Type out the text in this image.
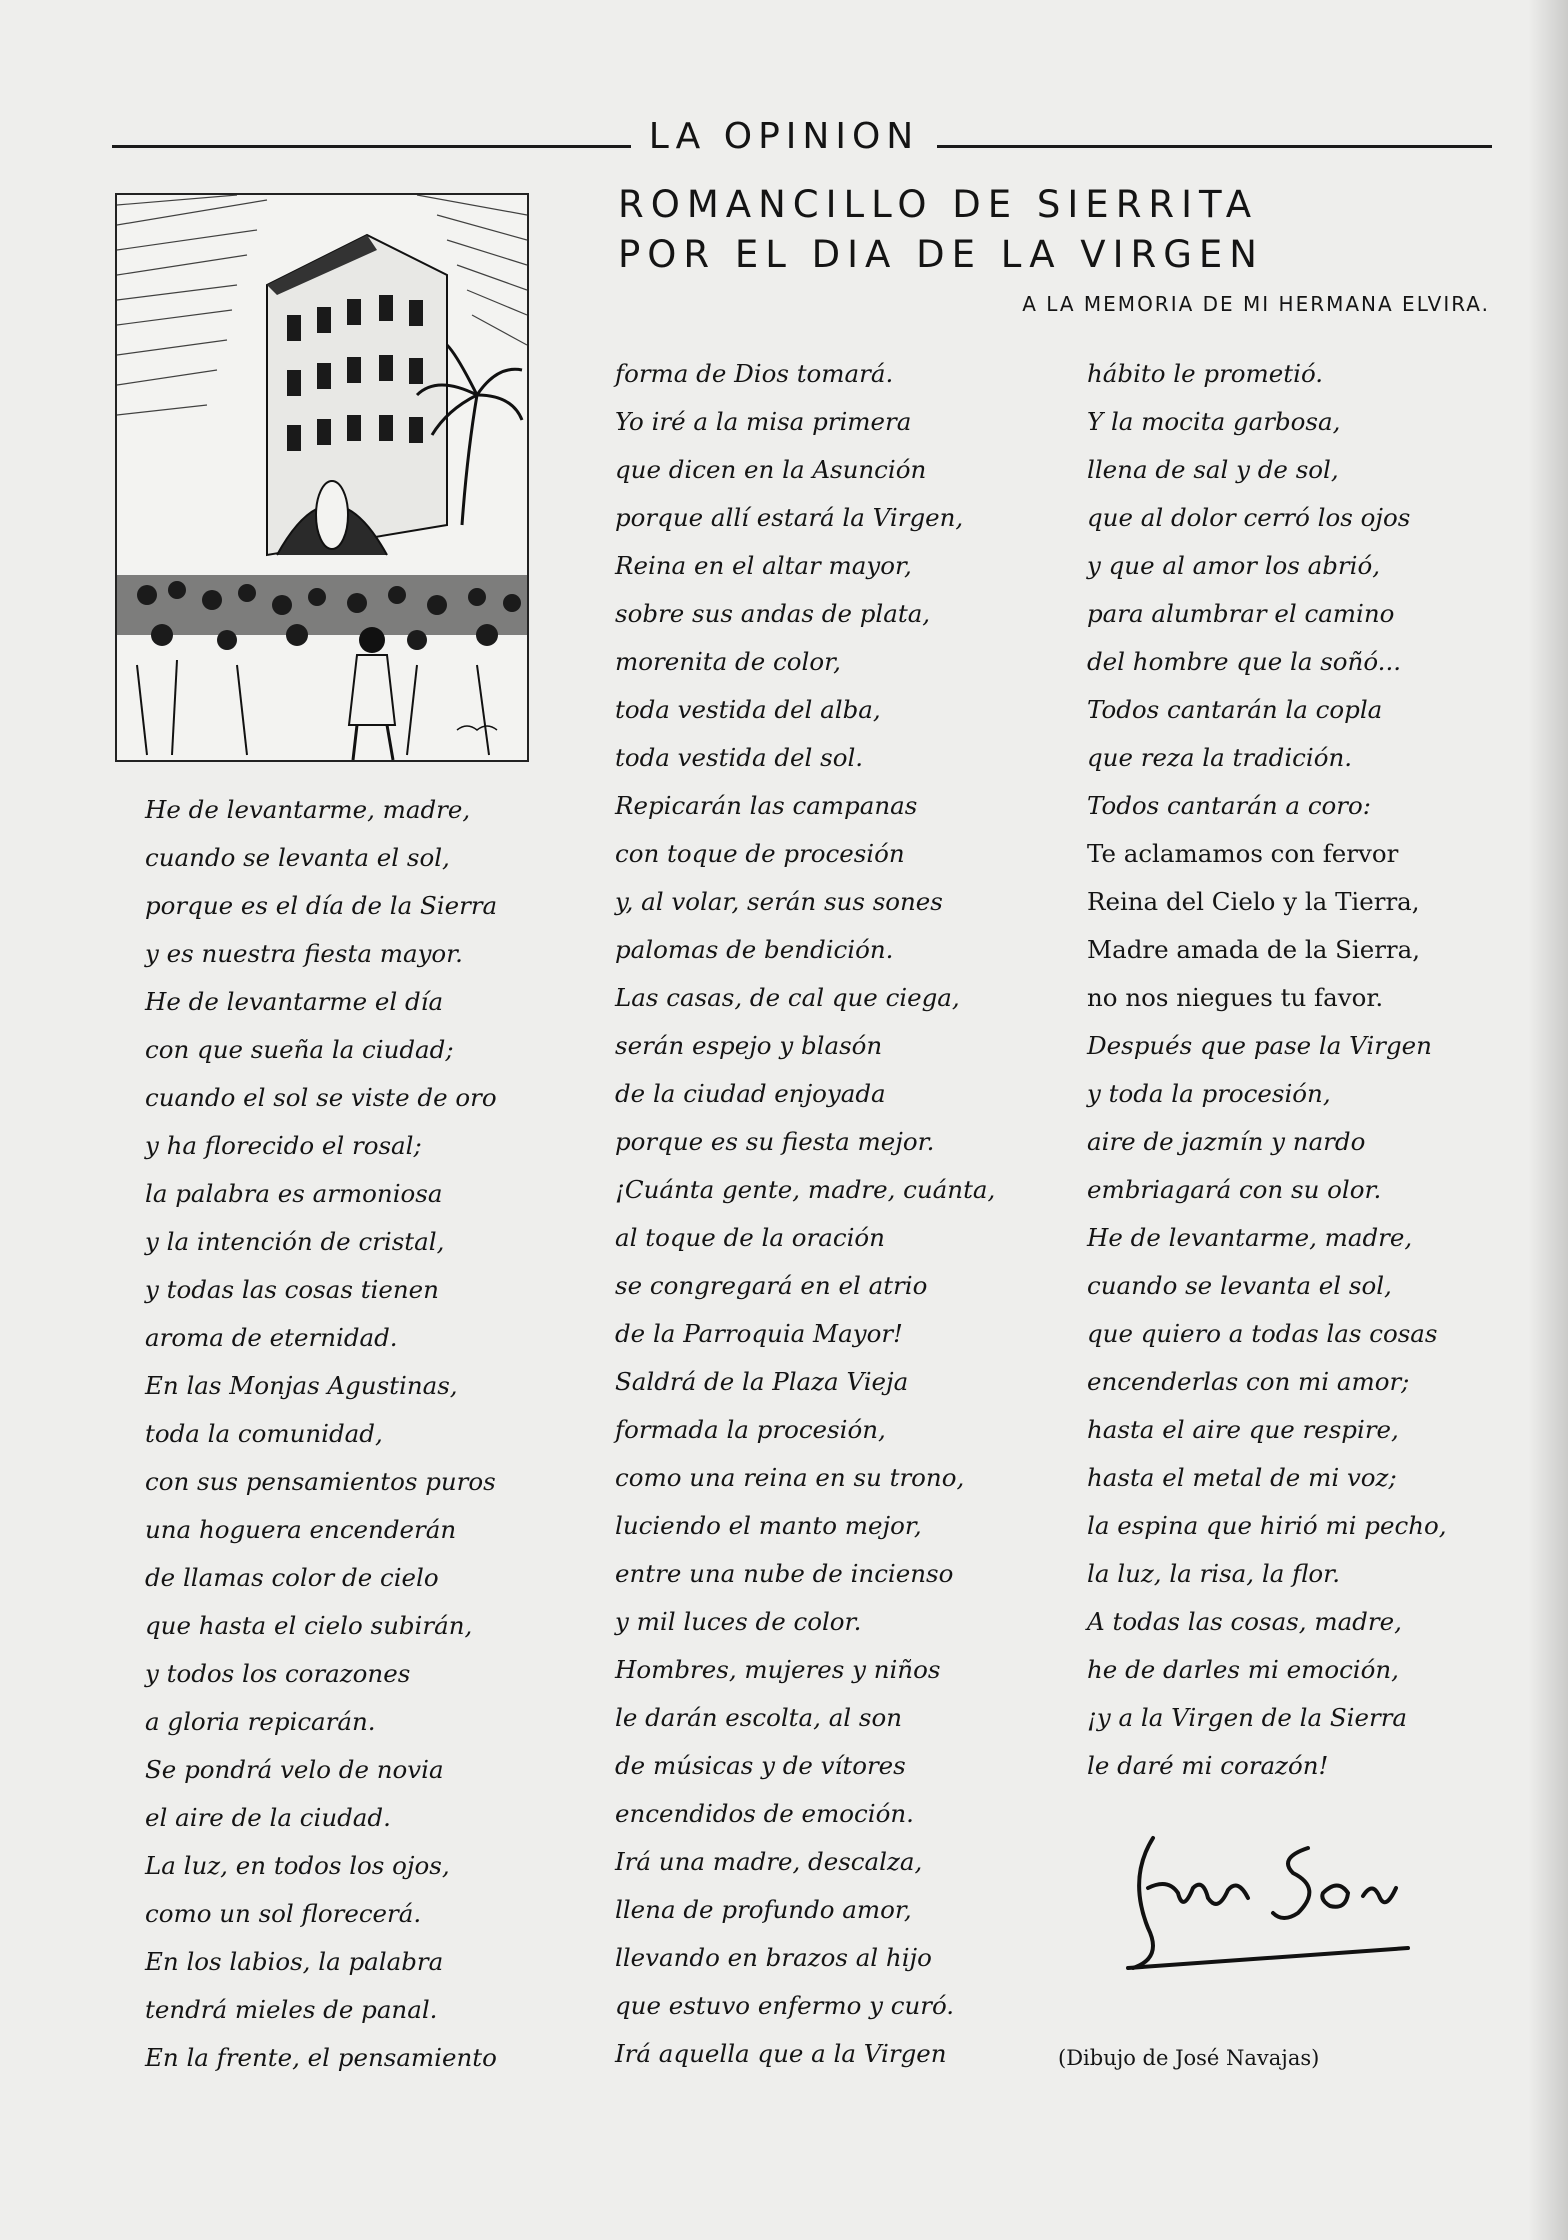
LA OPINION
ROMANCILLO DE SIERRITA
POR EL DIA DE LA VIRGEN
A LA MEMORIA DE MI HERMANA ELVIRA.
He de levantarme, madre,
cuando se levanta el sol,
porque es el día de la Sierra
y es nuestra fiesta mayor.
He de levantarme el día
con que sueña la ciudad;
cuando el sol se viste de oro
y ha florecido el rosal;
la palabra es armoniosa
y la intención de cristal,
y todas las cosas tienen
aroma de eternidad.
En las Monjas Agustinas,
toda la comunidad,
con sus pensamientos puros
una hoguera encenderán
de llamas color de cielo
que hasta el cielo subirán,
y todos los corazones
a gloria repicarán.
Se pondrá velo de novia
el aire de la ciudad.
La luz, en todos los ojos,
como un sol florecerá.
En los labios, la palabra
tendrá mieles de panal.
En la frente, el pensamiento
forma de Dios tomará.
Yo iré a la misa primera
que dicen en la Asunción
porque allí estará la Virgen,
Reina en el altar mayor,
sobre sus andas de plata,
morenita de color,
toda vestida del alba,
toda vestida del sol.
Repicarán las campanas
con toque de procesión
y, al volar, serán sus sones
palomas de bendición.
Las casas, de cal que ciega,
serán espejo y blasón
de la ciudad enjoyada
porque es su fiesta mejor.
¡Cuánta gente, madre, cuánta,
al toque de la oración
se congregará en el atrio
de la Parroquia Mayor!
Saldrá de la Plaza Vieja
formada la procesión,
como una reina en su trono,
luciendo el manto mejor,
entre una nube de incienso
y mil luces de color.
Hombres, mujeres y niños
le darán escolta, al son
de músicas y de vítores
encendidos de emoción.
Irá una madre, descalza,
llena de profundo amor,
llevando en brazos al hijo
que estuvo enfermo y curó.
Irá aquella que a la Virgen
hábito le prometió.
Y la mocita garbosa,
llena de sal y de sol,
que al dolor cerró los ojos
y que al amor los abrió,
para alumbrar el camino
del hombre que la soñó...
Todos cantarán la copla
que reza la tradición.
Todos cantarán a coro:
Te aclamamos con fervor
Reina del Cielo y la Tierra,
Madre amada de la Sierra,
no nos niegues tu favor.
Después que pase la Virgen
y toda la procesión,
aire de jazmín y nardo
embriagará con su olor.
He de levantarme, madre,
cuando se levanta el sol,
que quiero a todas las cosas
encenderlas con mi amor;
hasta el aire que respire,
hasta el metal de mi voz;
la espina que hirió mi pecho,
la luz, la risa, la flor.
A todas las cosas, madre,
he de darles mi emoción,
¡y a la Virgen de la Sierra
le daré mi corazón!
(Dibujo de José Navajas)
